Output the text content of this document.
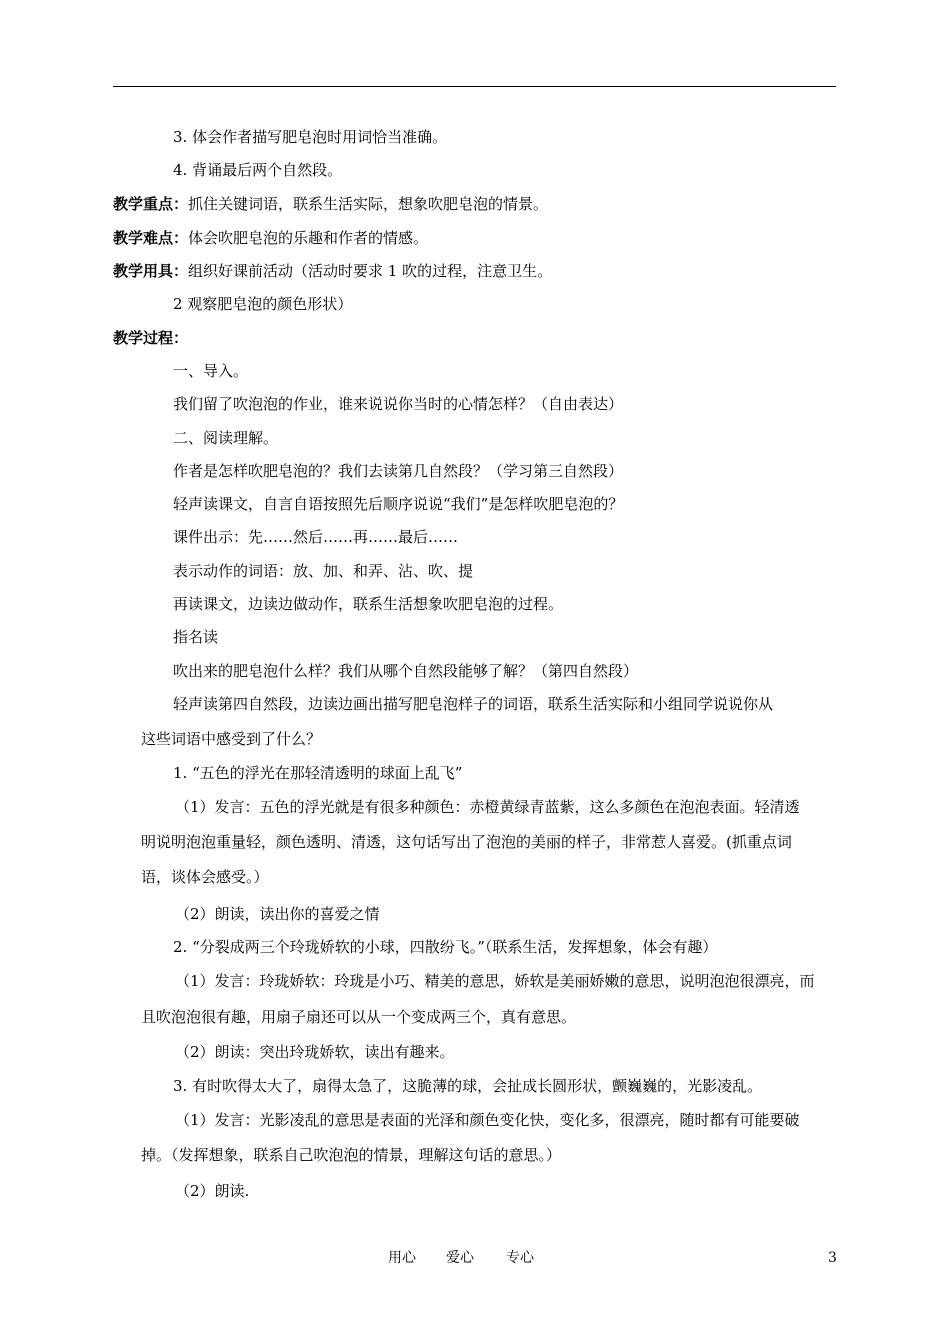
3. 体会作者描写肥皂泡时用词恰当准确。
4. 背诵最后两个自然段。
教学重点：抓住关键词语，联系生活实际，想象吹肥皂泡的情景。
教学难点：体会吹肥皂泡的乐趣和作者的情感。
教学用具：组织好课前活动（活动时要求 1 吹的过程，注意卫生。
2 观察肥皂泡的颜色形状）
教学过程：
一、导入。
我们留了吹泡泡的作业，谁来说说你当时的心情怎样？（自由表达）
二、阅读理解。
作者是怎样吹肥皂泡的？我们去读第几自然段？（学习第三自然段）
轻声读课文，自言自语按照先后顺序说说“我们”是怎样吹肥皂泡的？
课件出示：先……然后……再……最后……
表示动作的词语：放、加、和弄、沾、吹、提
再读课文，边读边做动作，联系生活想象吹肥皂泡的过程。
指名读
吹出来的肥皂泡什么样？我们从哪个自然段能够了解？（第四自然段）
轻声读第四自然段，边读边画出描写肥皂泡样子的词语，联系生活实际和小组同学说说你从
这些词语中感受到了什么？
1. “五色的浮光在那轻清透明的球面上乱飞”
（1）发言：五色的浮光就是有很多种颜色：赤橙黄绿青蓝紫，这么多颜色在泡泡表面。轻清透
明说明泡泡重量轻，颜色透明、清透，这句话写出了泡泡的美丽的样子，非常惹人喜爱。(抓重点词
语，谈体会感受。）
（2）朗读，读出你的喜爱之情
2. “分裂成两三个玲珑娇软的小球，四散纷飞。”（联系生活，发挥想象，体会有趣）
（1）发言：玲珑娇软：玲珑是小巧、精美的意思，娇软是美丽娇嫩的意思，说明泡泡很漂亮，而
且吹泡泡很有趣，用扇子扇还可以从一个变成两三个，真有意思。
（2）朗读：突出玲珑娇软，读出有趣来。
3. 有时吹得太大了，扇得太急了，这脆薄的球，会扯成长圆形状，颤巍巍的，光影凌乱。
（1）发言：光影凌乱的意思是表面的光泽和颜色变化快，变化多，很漂亮，随时都有可能要破
掉。（发挥想象，联系自己吹泡泡的情景，理解这句话的意思。）
（2）朗读.
用心 爱心 专心	3
